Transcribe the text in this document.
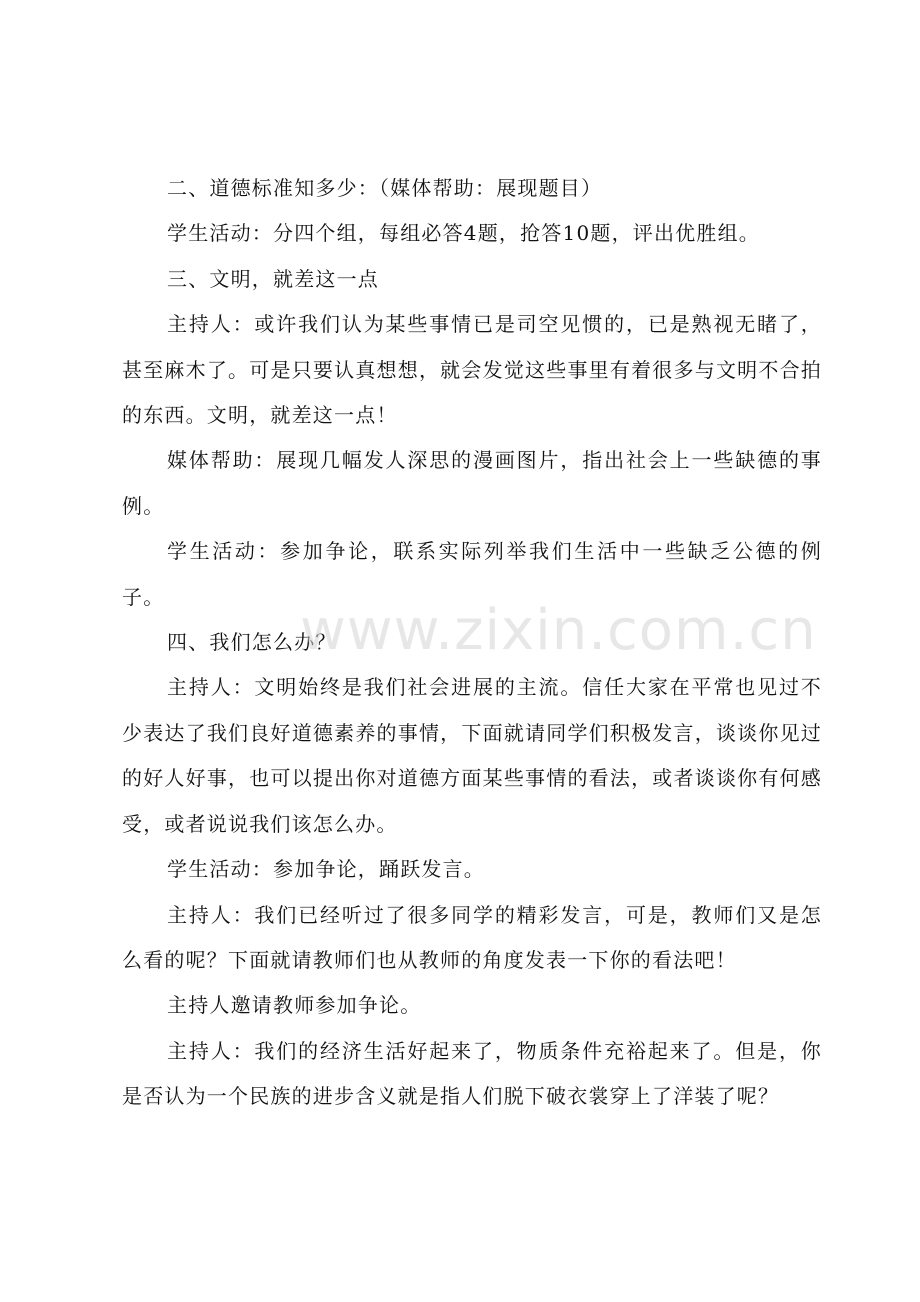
二、道德标准知多少：（媒体帮助：展现题目）

学生活动：分四个组，每组必答4题，抢答10题，评出优胜组。

三、文明，就差这一点

主持人：或许我们认为某些事情已是司空见惯的，已是熟视无睹了，甚至麻木了。可是只要认真想想，就会发觉这些事里有着很多与文明不合拍的东西。文明，就差这一点！

媒体帮助：展现几幅发人深思的漫画图片，指出社会上一些缺德的事例。

学生活动：参加争论，联系实际列举我们生活中一些缺乏公德的例子。

四、我们怎么办？

主持人：文明始终是我们社会进展的主流。信任大家在平常也见过不少表达了我们良好道德素养的事情，下面就请同学们积极发言，谈谈你见过的好人好事，也可以提出你对道德方面某些事情的看法，或者谈谈你有何感受，或者说说我们该怎么办。

学生活动：参加争论，踊跃发言。

主持人：我们已经听过了很多同学的精彩发言，可是，教师们又是怎么看的呢？下面就请教师们也从教师的角度发表一下你的看法吧！

主持人邀请教师参加争论。

主持人：我们的经济生活好起来了，物质条件充裕起来了。但是，你是否认为一个民族的进步含义就是指人们脱下破衣裳穿上了洋装了呢？

www.zixin.com.cn
